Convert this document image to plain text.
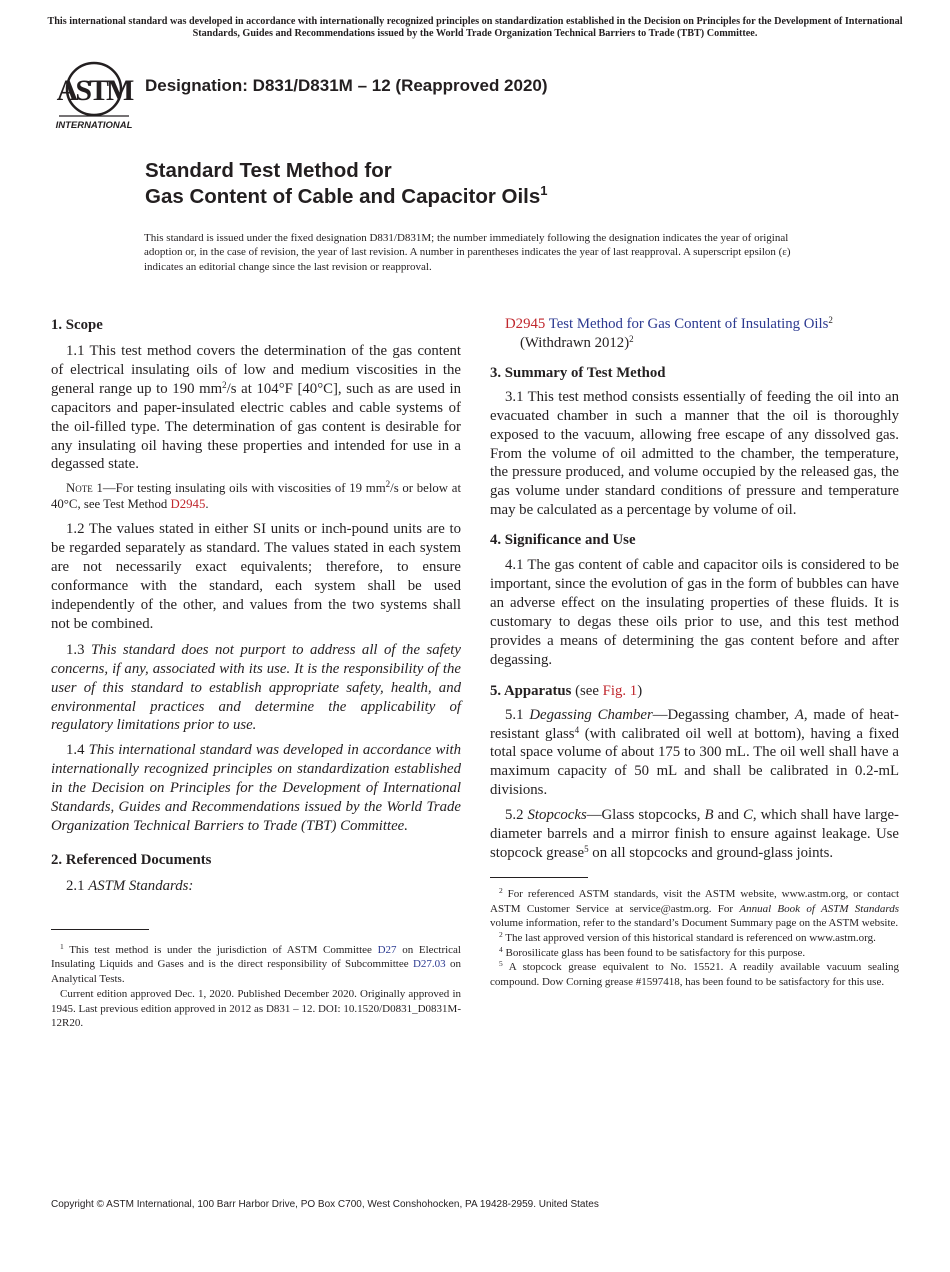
This international standard was developed in accordance with internationally recognized principles on standardization established in the Decision on Principles for the Development of International Standards, Guides and Recommendations issued by the World Trade Organization Technical Barriers to Trade (TBT) Committee.
ASTM
INTERNATIONAL
Designation: D831/D831M – 12 (Reapproved 2020)
Standard Test Method for
Gas Content of Cable and Capacitor Oils$^1$
This standard is issued under the fixed designation D831/D831M; the number immediately following the designation indicates the year of original adoption or, in the case of revision, the year of last revision. A number in parentheses indicates the year of last reapproval. A superscript epsilon (ε) indicates an editorial change since the last revision or reapproval.
1. Scope

1.1 This test method covers the determination of the gas content of electrical insulating oils of low and medium viscosities in the general range up to 190 $mm^2/s$ at 104°F [40°C], such as are used in capacitors and paper-insulated electric cables and cable systems of the oil-filled type. The determination of gas content is desirable for any insulating oil having these properties and intended for use in a degassed state.

Note 1—For testing insulating oils with viscosities of 19 $mm^2/s$ or below at 40°C, see Test Method D2945.

1.2 The values stated in either SI units or inch-pound units are to be regarded separately as standard. The values stated in each system are not necessarily exact equivalents; therefore, to ensure conformance with the standard, each system shall be used independently of the other, and values from the two systems shall not be combined.

1.3 This standard does not purport to address all of the safety concerns, if any, associated with its use. It is the responsibility of the user of this standard to establish appropriate safety, health, and environmental practices and determine the applicability of regulatory limitations prior to use.

1.4 This international standard was developed in accordance with internationally recognized principles on standardization established in the Decision on Principles for the Development of International Standards, Guides and Recommendations issued by the World Trade Organization Technical Barriers to Trade (TBT) Committee.

2. Referenced Documents

2.1 ASTM Standards:

$^1$ This test method is under the jurisdiction of ASTM Committee D27 on Electrical Insulating Liquids and Gases and is the direct responsibility of Subcommittee D27.03 on Analytical Tests.

Current edition approved Dec. 1, 2020. Published December 2020. Originally approved in 1945. Last previous edition approved in 2012 as D831 – 12. DOI: 10.1520/D0831_D0831M-12R20.

D2945 Test Method for Gas Content of Insulating Oils$^2$

(Withdrawn 2012)$^2$

3. Summary of Test Method

3.1 This test method consists essentially of feeding the oil into an evacuated chamber in such a manner that the oil is thoroughly exposed to the vacuum, allowing free escape of any dissolved gas. From the volume of oil admitted to the chamber, the temperature, the pressure produced, and volume occupied by the released gas, the gas volume under standard conditions of pressure and temperature may be calculated as a percentage by volume of oil.

4. Significance and Use

4.1 The gas content of cable and capacitor oils is considered to be important, since the evolution of gas in the form of bubbles can have an adverse effect on the insulating properties of these fluids. It is customary to degas these oils prior to use, and this test method provides a means of determining the gas content before and after degassing.

5. Apparatus (see Fig. 1)

5.1 Degassing Chamber—Degassing chamber, A, made of heat-resistant glass$^4$ (with calibrated oil well at bottom), having a fixed total space volume of about 175 to 300 mL. The oil well shall have a maximum capacity of 50 mL and shall be calibrated in 0.2-mL divisions.

5.2 Stopcocks—Glass stopcocks, B and C, which shall have large-diameter barrels and a mirror finish to ensure against leakage. Use stopcock grease$^5$ on all stopcocks and ground-glass joints.

$^2$ For referenced ASTM standards, visit the ASTM website, www.astm.org, or contact ASTM Customer Service at service@astm.org. For Annual Book of ASTM Standards volume information, refer to the standard’s Document Summary page on the ASTM website.

$^2$ The last approved version of this historical standard is referenced on www.astm.org.

$^4$ Borosilicate glass has been found to be satisfactory for this purpose.

$^5$ A stopcock grease equivalent to No. 15521. A readily available vacuum sealing compound. Dow Corning grease #1597418, has been found to be satisfactory for this use.

Copyright © ASTM International, 100 Barr Harbor Drive, PO Box C700, West Conshohocken, PA 19428-2959. United States
